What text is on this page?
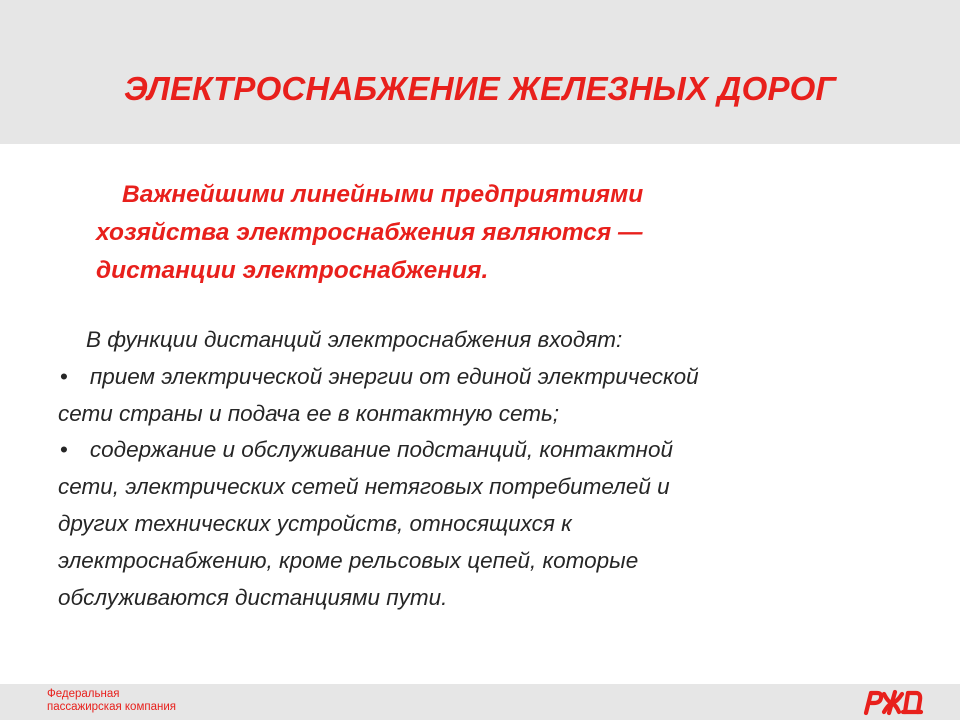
ЭЛЕКТРОСНАБЖЕНИЕ ЖЕЛЕЗНЫХ ДОРОГ

Важнейшими линейными предприятиями
хозяйства электроснабжения являются —
дистанции электроснабжения.

В функции дистанций электроснабжения входят:
• прием электрической энергии от единой электрической
сети страны и подача ее в контактную сеть;
• содержание и обслуживание подстанций, контактной
сети, электрических сетей нетяговых потребителей и
других технических устройств, относящихся к
электроснабжению, кроме рельсовых цепей, которые
обслуживаются дистанциями пути.
Федеральная
пассажирская компания
